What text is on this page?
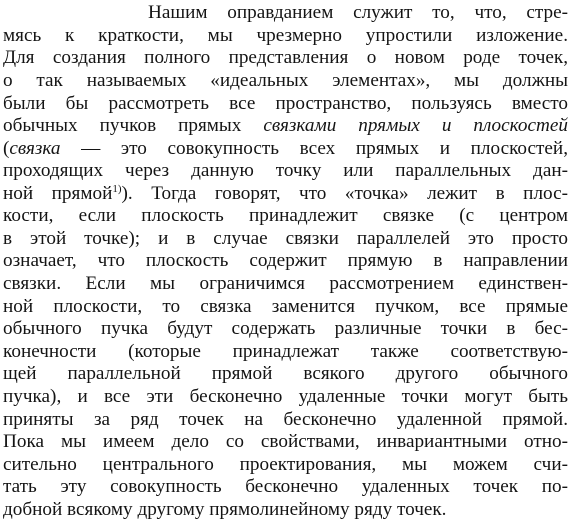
Нашим оправданием служит то, что, стре-
мясь к краткости, мы чрезмерно упростили изложение.
Для создания полного представления о новом роде точек,
о так называемых «идеальных элементах», мы должны
были бы рассмотреть все пространство, пользуясь вместо
обычных пучков прямых связками прямых и плоскостей
(связка — это совокупность всех прямых и плоскостей,
проходящих через данную точку или параллельных дан-
ной прямой$^{1)}$). Тогда говорят, что «точка» лежит в плос-
кости, если плоскость принадлежит связке (с центром
в этой точке); и в случае связки параллелей это просто
означает, что плоскость содержит прямую в направлении
связки. Если мы ограничимся рассмотрением единствен-
ной плоскости, то связка заменится пучком, все прямые
обычного пучка будут содержать различные точки в бес-
конечности (которые принадлежат также соответствую-
щей параллельной прямой всякого другого обычного
пучка), и все эти бесконечно удаленные точки могут быть
приняты за ряд точек на бесконечно удаленной прямой.
Пока мы имеем дело со свойствами, инвариантными отно-
сительно центрального проектирования, мы можем счи-
тать эту совокупность бесконечно удаленных точек по-
добной всякому другому прямолинейному ряду точек.
